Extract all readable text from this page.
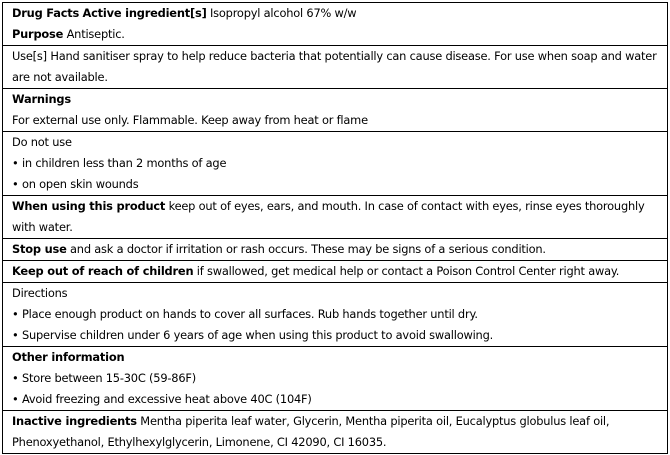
Drug Facts Active ingredient[s] Isopropyl alcohol 67% w/w
Purpose Antiseptic.
Use[s] Hand sanitiser spray to help reduce bacteria that potentially can cause disease. For use when soap and water are not available.
Warnings
For external use only. Flammable. Keep away from heat or flame
Do not use
• in children less than 2 months of age
• on open skin wounds
When using this product keep out of eyes, ears, and mouth. In case of contact with eyes, rinse eyes thoroughly with water.
Stop use and ask a doctor if irritation or rash occurs. These may be signs of a serious condition.
Keep out of reach of children if swallowed, get medical help or contact a Poison Control Center right away.
Directions
• Place enough product on hands to cover all surfaces. Rub hands together until dry.
• Supervise children under 6 years of age when using this product to avoid swallowing.
Other information
• Store between 15-30C (59-86F)
• Avoid freezing and excessive heat above 40C (104F)
Inactive ingredients Mentha piperita leaf water, Glycerin, Mentha piperita oil, Eucalyptus globulus leaf oil, Phenoxyethanol, Ethylhexylglycerin, Limonene, CI 42090, CI 16035.
